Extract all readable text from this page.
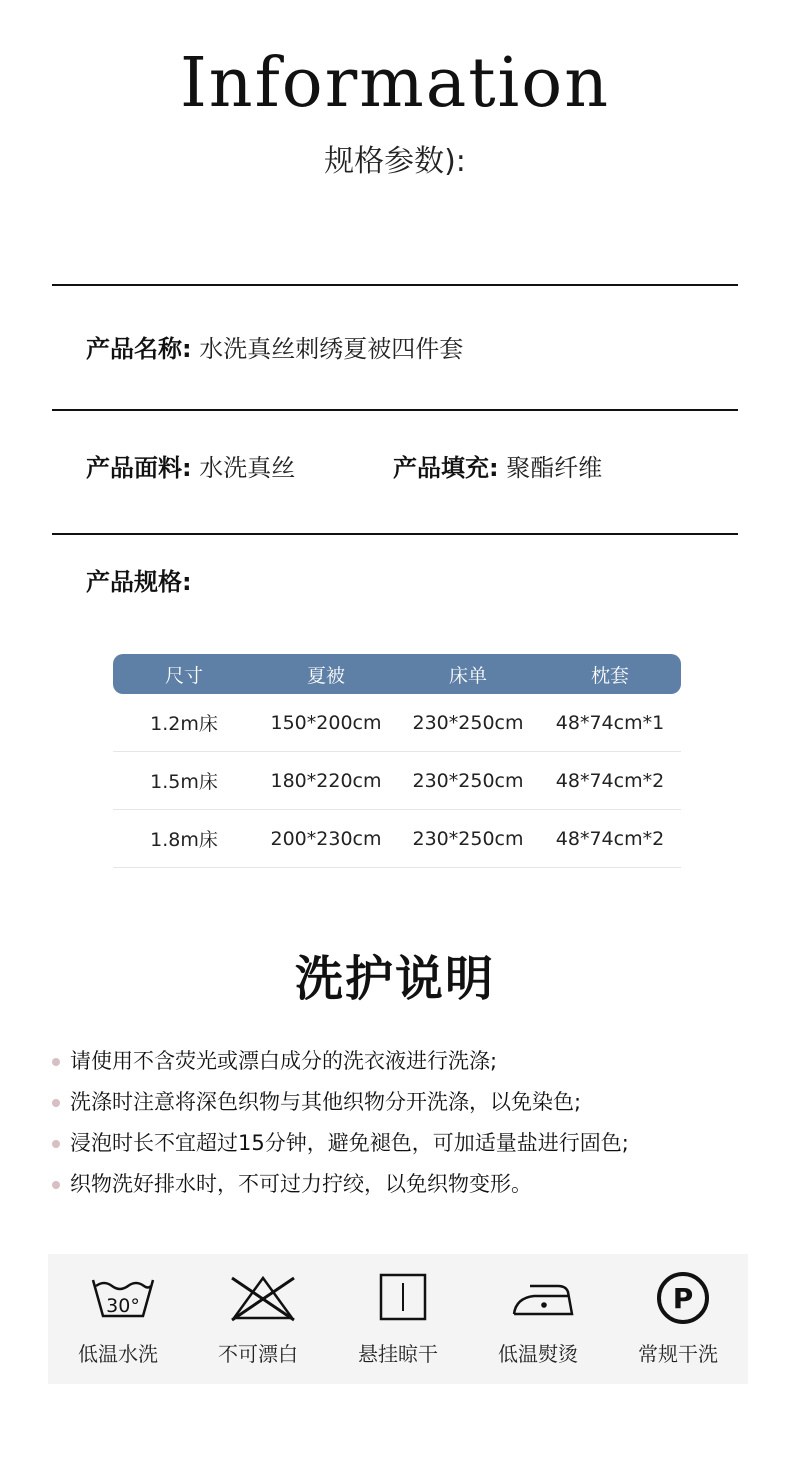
Information
规格参数):
产品名称: 水洗真丝刺绣夏被四件套
产品面料: 水洗真丝	产品填充: 聚酯纤维
产品规格:
尺寸	夏被	床单	枕套
1.2m床	150*200cm	230*250cm	48*74cm*1
1.5m床	180*220cm	230*250cm	48*74cm*2
1.8m床	200*230cm	230*250cm	48*74cm*2
洗护说明
请使用不含荧光或漂白成分的洗衣液进行洗涤;
洗涤时注意将深色织物与其他织物分开洗涤，以免染色;
浸泡时长不宜超过15分钟，避免褪色，可加适量盐进行固色;
织物洗好排水时，不可过力拧绞，以免织物变形。
30°
低温水洗	不可漂白	悬挂晾干	低温熨烫
P
常规干洗
